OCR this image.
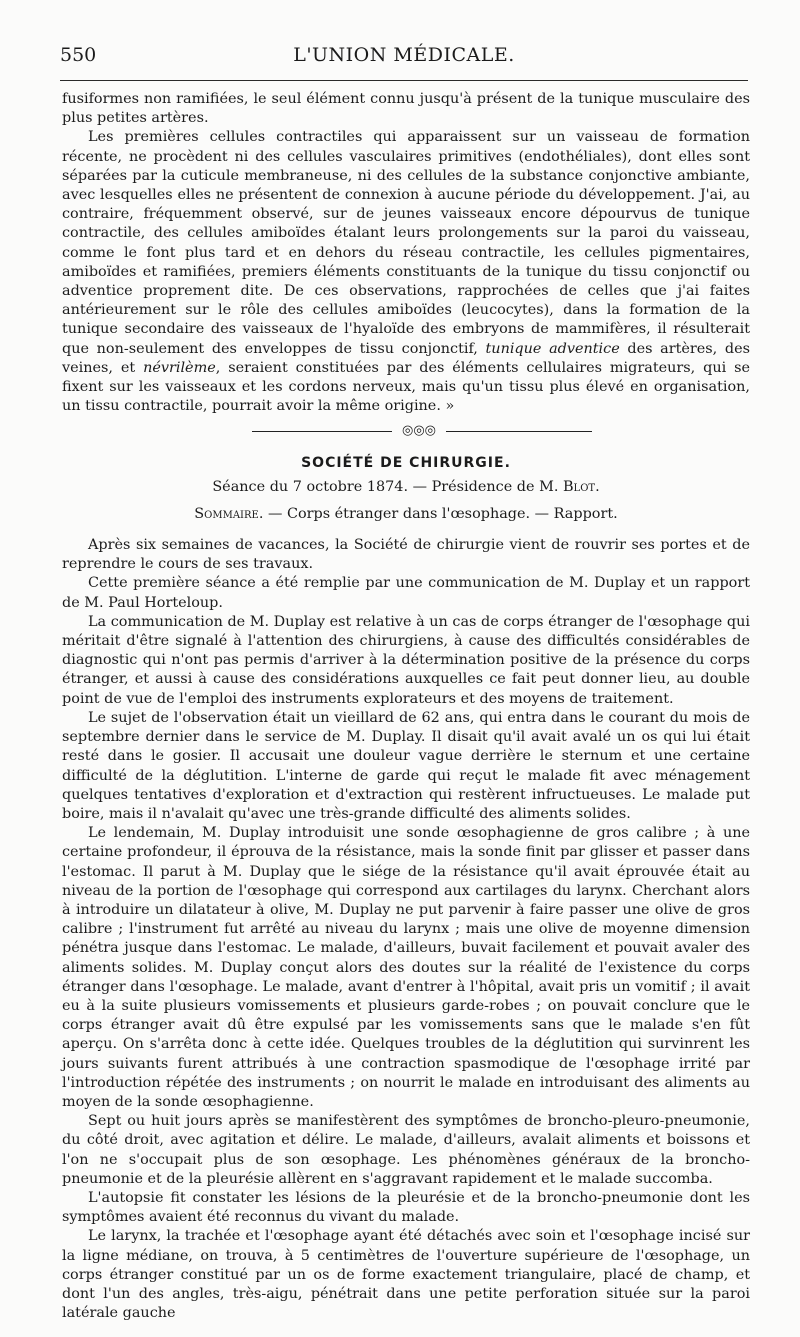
550	L'UNION MÉDICALE.

fusiformes non ramifiées, le seul élément connu jusqu'à présent de la tunique musculaire des plus petites artères.

Les premières cellules contractiles qui apparaissent sur un vaisseau de formation récente, ne procèdent ni des cellules vasculaires primitives (endothéliales), dont elles sont séparées par la cuticule membraneuse, ni des cellules de la substance conjonctive ambiante, avec lesquelles elles ne présentent de connexion à aucune période du développement. J'ai, au contraire, fréquemment observé, sur de jeunes vaisseaux encore dépourvus de tunique contractile, des cellules amiboïdes étalant leurs prolongements sur la paroi du vaisseau, comme le font plus tard et en dehors du réseau contractile, les cellules pigmentaires, amiboïdes et ramifiées, premiers éléments constituants de la tunique du tissu conjonctif ou adventice proprement dite. De ces observations, rapprochées de celles que j'ai faites antérieurement sur le rôle des cellules amiboïdes (leucocytes), dans la formation de la tunique secondaire des vaisseaux de l'hyaloïde des embryons de mammifères, il résulterait que non-seulement des enveloppes de tissu conjonctif, tunique adventice des artères, des veines, et névrilème, seraient constituées par des éléments cellulaires migrateurs, qui se fixent sur les vaisseaux et les cordons nerveux, mais qu'un tissu plus élevé en organisation, un tissu contractile, pourrait avoir la même origine. »

◎◎◎
SOCIÉTÉ DE CHIRURGIE.
Séance du 7 octobre 1874. — Présidence de M. Blot.
Sommaire. — Corps étranger dans l'œsophage. — Rapport.

Après six semaines de vacances, la Société de chirurgie vient de rouvrir ses portes et de reprendre le cours de ses travaux.

Cette première séance a été remplie par une communication de M. Duplay et un rapport de M. Paul Horteloup.

La communication de M. Duplay est relative à un cas de corps étranger de l'œsophage qui méritait d'être signalé à l'attention des chirurgiens, à cause des difficultés considérables de diagnostic qui n'ont pas permis d'arriver à la détermination positive de la présence du corps étranger, et aussi à cause des considérations auxquelles ce fait peut donner lieu, au double point de vue de l'emploi des instruments explorateurs et des moyens de traitement.

Le sujet de l'observation était un vieillard de 62 ans, qui entra dans le courant du mois de septembre dernier dans le service de M. Duplay. Il disait qu'il avait avalé un os qui lui était resté dans le gosier. Il accusait une douleur vague derrière le sternum et une certaine difficulté de la déglutition. L'interne de garde qui reçut le malade fit avec ménagement quelques tentatives d'exploration et d'extraction qui restèrent infructueuses. Le malade put boire, mais il n'avalait qu'avec une très-grande difficulté des aliments solides.

Le lendemain, M. Duplay introduisit une sonde œsophagienne de gros calibre ; à une certaine profondeur, il éprouva de la résistance, mais la sonde finit par glisser et passer dans l'estomac. Il parut à M. Duplay que le siége de la résistance qu'il avait éprouvée était au niveau de la portion de l'œsophage qui correspond aux cartilages du larynx. Cherchant alors à introduire un dilatateur à olive, M. Duplay ne put parvenir à faire passer une olive de gros calibre ; l'instrument fut arrêté au niveau du larynx ; mais une olive de moyenne dimension pénétra jusque dans l'estomac. Le malade, d'ailleurs, buvait facilement et pouvait avaler des aliments solides. M. Duplay conçut alors des doutes sur la réalité de l'existence du corps étranger dans l'œsophage. Le malade, avant d'entrer à l'hôpital, avait pris un vomitif ; il avait eu à la suite plusieurs vomissements et plusieurs garde-robes ; on pouvait conclure que le corps étranger avait dû être expulsé par les vomissements sans que le malade s'en fût aperçu. On s'arrêta donc à cette idée. Quelques troubles de la déglutition qui survinrent les jours suivants furent attribués à une contraction spasmodique de l'œsophage irrité par l'introduction répétée des instruments ; on nourrit le malade en introduisant des aliments au moyen de la sonde œsophagienne.

Sept ou huit jours après se manifestèrent des symptômes de broncho-pleuro-pneumonie, du côté droit, avec agitation et délire. Le malade, d'ailleurs, avalait aliments et boissons et l'on ne s'occupait plus de son œsophage. Les phénomènes généraux de la broncho-pneumonie et de la pleurésie allèrent en s'aggravant rapidement et le malade succomba.

L'autopsie fit constater les lésions de la pleurésie et de la broncho-pneumonie dont les symptômes avaient été reconnus du vivant du malade.

Le larynx, la trachée et l'œsophage ayant été détachés avec soin et l'œsophage incisé sur la ligne médiane, on trouva, à 5 centimètres de l'ouverture supérieure de l'œsophage, un corps étranger constitué par un os de forme exactement triangulaire, placé de champ, et dont l'un des angles, très-aigu, pénétrait dans une petite perforation située sur la paroi latérale gauche
